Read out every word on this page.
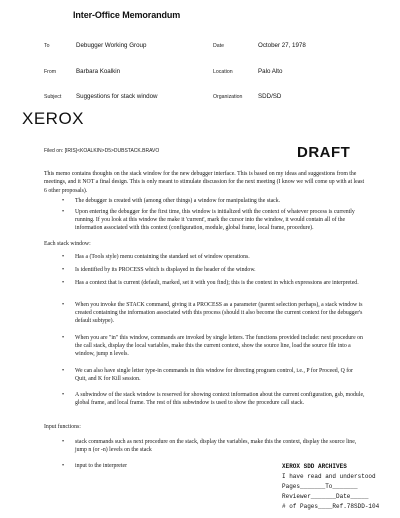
Inter-Office Memorandum
To	Debugger Working Group	Date	October 27, 1978
From	Barbara Koalkin	Location	Palo Alto
Subject Suggestions for stack window	Organization	SDD/SD
XEROX
Filed on: [IRIS]<KOALKIN>D5>DUBSTACK.BRAVO	DRAFT
This memo contains thoughts on the stack window for the new debugger interface. This is based on my ideas and suggestions from the meetings, and it NOT a final design. This is only meant to stimulate discussion for the next meeting (I know we will come up with at least 6 other proposals).
• The debugger is created with (among other things) a window for manipulating the stack.
• Upon entering the debugger for the first time, this window is initialized with the context of whatever process is currently running. If you look at this window the make it 'current', mark the cursor into the window, it would contain all of the information associated with this context (configuration, module, global frame, local frame, procedure).
Each stack window:
• Has a (Tools style) menu containing the standard set of window operations.
• Is identified by its PROCESS which is displayed in the header of the window.
• Has a context that is current (default, marked, set it with you find); this is the context in which expressions are interpreted.
• When you invoke the STACK command, giving it a PROCESS as a parameter (parent selection perhaps), a stack window is created containing the information associated with this process (should it also become the current context for the debugger's default subtype).
• When you are "in" this window, commands are invoked by single letters. The functions provided include: next procedure on the call stack, display the local variables, make this the current context, show the source line, load the source file into a window, jump n levels.
• We can also have single letter type-in commands in this window for directing program control, i.e., P for Proceed, Q for Quit, and K for Kill session.
• A subwindow of the stack window is reserved for showing context information about the current configuration, gsb, module, global frame, and local frame. The rest of this subwindow is used to show the procedure call stack.
Input functions:
• stack commands such as next procedure on the stack, display the variables, make this the context, display the source line, jump n (or -n) levels on the stack
• input to the interpreter	XEROX SDD ARCHIVES
I have read and understood
Pages_______To_______
Reviewer_______Date_____
# of Pages____Ref.78SDD-104
